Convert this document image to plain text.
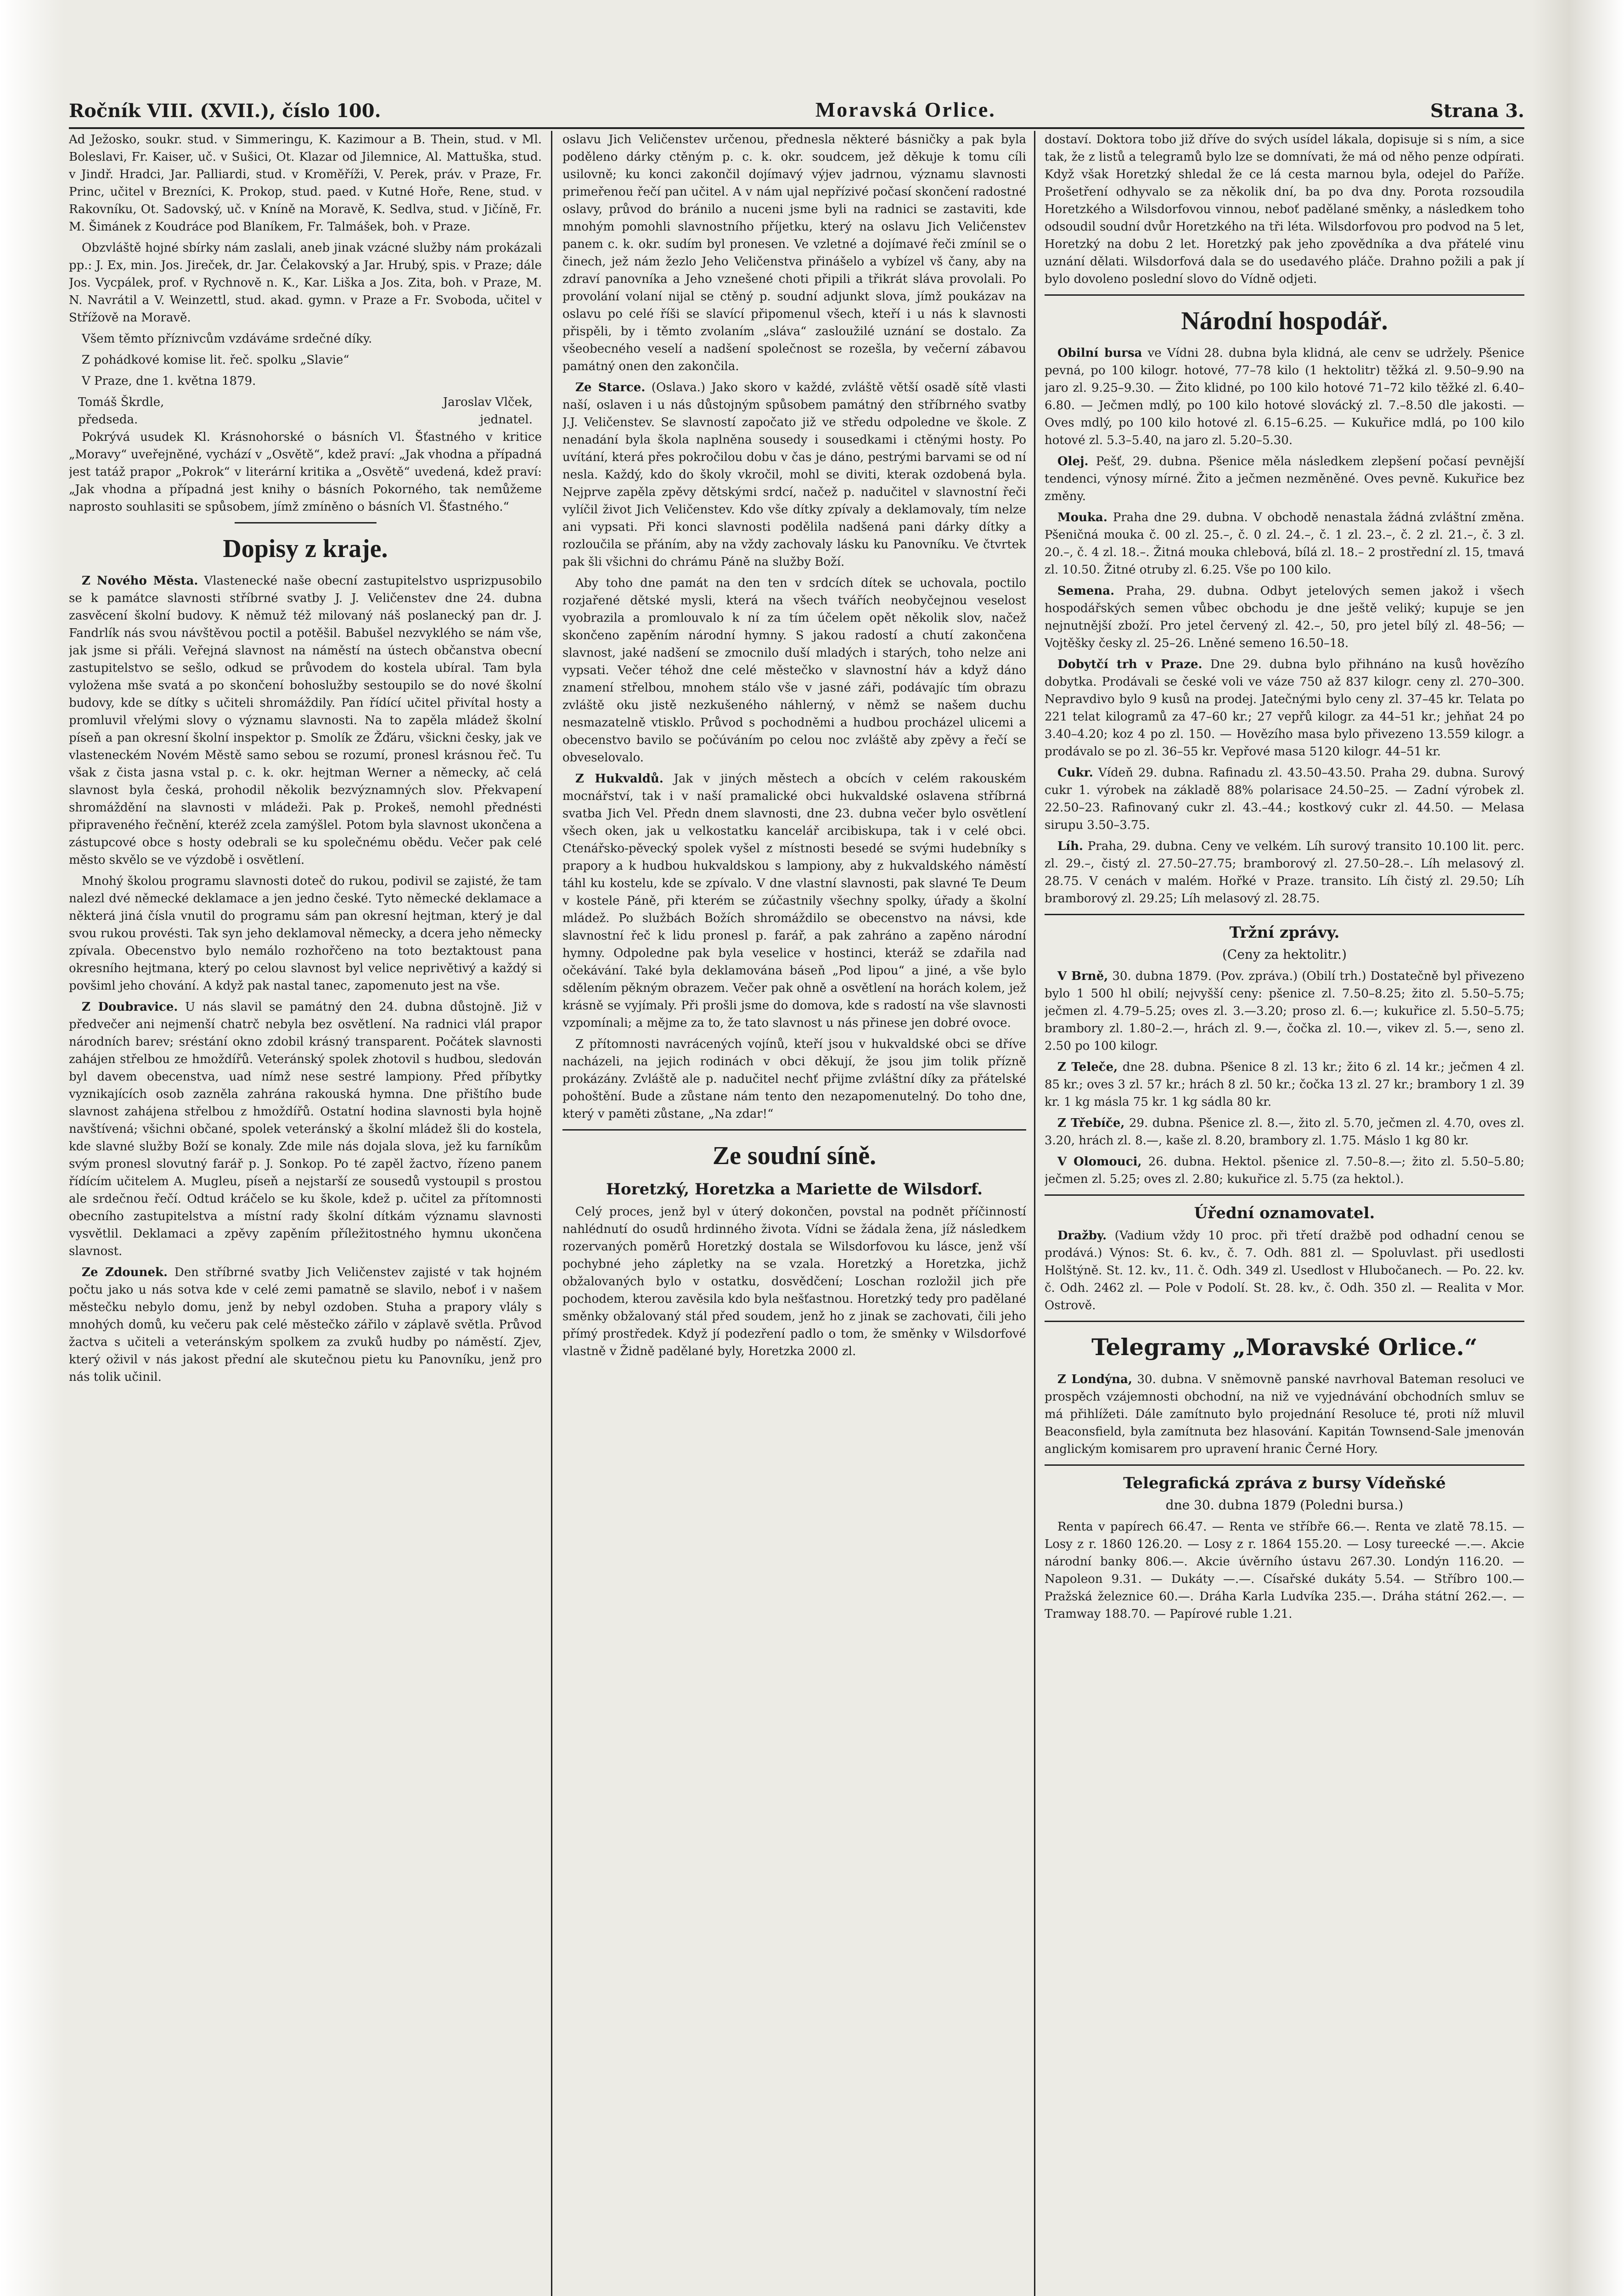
Ročník VIII. (XVII.), číslo 100.	Moravská Orlice.	Strana 3.

Ad Ježosko, soukr. stud. v Simmeringu, K. Kazimour a B. Thein, stud. v Ml. Boleslavi, Fr. Kaiser, uč. v Sušici, Ot. Klazar od Jilemnice, Al. Mattuška, stud. v Jindř. Hradci, Jar. Palliardi, stud. v Kroměříži, V. Perek, práv. v Praze, Fr. Princ, učitel v Brezníci, K. Prokop, stud. paed. v Kutné Hoře, Rene, stud. v Rakovníku, Ot. Sadovský, uč. v Kníně na Moravě, K. Sedlva, stud. v Jičíně, Fr. M. Šimánek z Koudráce pod Blaníkem, Fr. Talmášek, boh. v Praze.

Obzvláště hojné sbírky nám zaslali, aneb jinak vzácné služby nám prokázali pp.: J. Ex, min. Jos. Jireček, dr. Jar. Čelakovský a Jar. Hrubý, spis. v Praze; dále Jos. Vycpálek, prof. v Rychnově n. K., Kar. Liška a Jos. Zita, boh. v Praze, M. N. Navrátil a V. Weinzettl, stud. akad. gymn. v Praze a Fr. Svoboda, učitel v Střížově na Moravě.

Všem těmto příznivcům vzdáváme srdečné díky.

Z pohádkové komise lit. řeč. spolku „Slavie“

V Praze, dne 1. května 1879.

Tomáš Škrdle,	Jaroslav Vlček,
předseda.	jednatel.

Pokrývá usudek Kl. Krásnohorské o básních Vl. Šťastného v kritice „Moravy“ uveřejněné, vychází v „Osvětě“, kdež praví: „Jak vhodna a případná jest tatáž prapor „Pokrok“ v literární kritika a „Osvětě“ uvedená, kdež praví: „Jak vhodna a případná jest knihy o básních Pokorného, tak nemůžeme naprosto souhlasiti se spůsobem, jímž zmíněno o básních Vl. Šťastného.“

Dopisy z kraje.

Z Nového Města. Vlastenecké naše obecní zastupitelstvo usprizpusobilo se k památce slavnosti stříbrné svatby J. J. Veličenstev dne 24. dubna zasvěcení školní budovy. K němuž též milovaný náš poslanecký pan dr. J. Fandrlík nás svou návštěvou poctil a potěšil. Babušel nezvyklého se nám vše, jak jsme si přáli. Veřejná slavnost na náměstí na ústech občanstva obecní zastupitelstvo se sešlo, odkud se průvodem do kostela ubíral. Tam byla vyložena mše svatá a po skončení bohoslužby sestoupilo se do nové školní budovy, kde se dítky s učiteli shromáždily. Pan řídící učitel přivítal hosty a promluvil vřelými slovy o významu slavnosti. Na to zapěla mládež školní píseň a pan okresní školní inspektor p. Smolík ze Žďáru, všickni česky, jak ve vlasteneckém Novém Městě samo sebou se rozumí, pronesl krásnou řeč. Tu však z čista jasna vstal p. c. k. okr. hejtman Werner a německy, ač celá slavnost byla česká, prohodil několik bezvýznamných slov. Překvapení shromáždění na slavnosti v mládeži. Pak p. Prokeš, nemohl přednésti připraveného řečnění, kteréž zcela zamýšlel. Potom byla slavnost ukončena a zástupcové obce s hosty odebrali se ku společnému obědu. Večer pak celé město skvělo se ve výzdobě i osvětlení.

Mnohý školou programu slavnosti doteč do rukou, podivil se zajisté, že tam nalezl dvé německé deklamace a jen jedno české. Tyto německé deklamace a některá jiná čísla vnutil do programu sám pan okresní hejtman, který je dal svou rukou provésti. Tak syn jeho deklamoval německy, a dcera jeho německy zpívala. Obecenstvo bylo nemálo rozhořčeno na toto beztaktoust pana okresního hejtmana, který po celou slavnost byl velice neprivětivý a každý si povšiml jeho chování. A když pak nastal tanec, zapomenuto jest na vše.

Z Doubravice. U nás slavil se památný den 24. dubna důstojně. Již v předvečer ani nejmenší chatrč nebyla bez osvětlení. Na radnici vlál prapor národních barev; sréstání okno zdobil krásný transparent. Počátek slavnosti zahájen střelbou ze hmoždířů. Veteránský spolek zhotovil s hudbou, sledován byl davem obecenstva, uad nímž nese sestré lampiony. Před příbytky vyznikajících osob zazněla zahrána rakouská hymna. Dne přištího bude slavnost zahájena střelbou z hmoždířů. Ostatní hodina slavnosti byla hojně navštívená; všichni občané, spolek veteránský a školní mládež šli do kostela, kde slavné služby Boží se konaly. Zde mile nás dojala slova, jež ku farníkům svým pronesl slovutný farář p. J. Sonkop. Po té zapěl žactvo, řízeno panem řídícím učitelem A. Mugleu, píseň a nejstarší ze sousedů vystoupil s prostou ale srdečnou řečí. Odtud kráčelo se ku škole, kdež p. učitel za přítomnosti obecního zastupitelstva a místní rady školní dítkám významu slavnosti vysvětlil. Deklamaci a zpěvy zapěním příležitostného hymnu ukončena slavnost.

Ze Zdounek. Den stříbrné svatby Jich Veličenstev zajisté v tak hojném počtu jako u nás sotva kde v celé zemi pamatně se slavilo, neboť i v našem městečku nebylo domu, jenž by nebyl ozdoben. Stuha a prapory vlály s mnohých domů, ku večeru pak celé městečko zářilo v záplavě světla. Průvod žactva s učiteli a veteránským spolkem za zvuků hudby po náměstí. Zjev, který oživil v nás jakost přední ale skutečnou pietu ku Panovníku, jenž pro nás tolik učinil.

oslavu Jich Veličenstev určenou, přednesla některé básničky a pak byla poděleno dárky ctěným p. c. k. okr. soudcem, jež děkuje k tomu cíli usilovně; ku konci zakončil dojímavý výjev jadrnou, významu slavnosti primeřenou řečí pan učitel. A v nám ujal nepřízivé počasí skončení radostné oslavy, průvod do bránilo a nuceni jsme byli na radnici se zastaviti, kde mnohým pomohli slavnostního příjetku, který na oslavu Jich Veličenstev panem c. k. okr. sudím byl pronesen. Ve vzletné a dojímavé řeči zmínil se o činech, jež nám žezlo Jeho Veličenstva přinášelo a vybízel vš čany, aby na zdraví panovníka a Jeho vznešené choti připili a třikrát sláva provolali. Po provolání volaní nijal se ctěný p. soudní adjunkt slova, jímž poukázav na oslavu po celé říši se slavící připomenul všech, kteří i u nás k slavnosti přispěli, by i těmto zvolaním „sláva“ zasloužilé uznání se dostalo. Za všeobecného veselí a nadšení společnost se rozešla, by večerní zábavou památný onen den zakončila.

Ze Starce. (Oslava.) Jako skoro v každé, zvláště větší osadě sítě vlasti naší, oslaven i u nás důstojným spůsobem památný den stříbrného svatby J.J. Veličenstev. Se slavností započato již ve středu odpoledne ve škole. Z nenadání byla škola naplněna sousedy i sousedkami i ctěnými hosty. Po uvítání, která přes pokročilou dobu v čas je dáno, pestrými barvami se od ní nesla. Každý, kdo do školy vkročil, mohl se diviti, kterak ozdobená byla. Nejprve zapěla zpěvy dětskými srdcí, načež p. nadučitel v slavnostní řeči vylíčil život Jich Veličenstev. Kdo vše dítky zpívaly a deklamovaly, tím nelze ani vypsati. Při konci slavnosti podělila nadšená pani dárky dítky a rozloučila se přáním, aby na vždy zachovaly lásku ku Panovníku. Ve čtvrtek pak šli všichni do chrámu Páně na služby Boží.

Aby toho dne památ na den ten v srdcích dítek se uchovala, poctilo rozjařené dětské mysli, která na všech tvářích neobyčejnou veselost vyobrazila a promlouvalo k ní za tím účelem opět několik slov, načež skončeno zapěním národní hymny. S jakou radostí a chutí zakončena slavnost, jaké nadšení se zmocnilo duší mladých i starých, toho nelze ani vypsati. Večer téhož dne celé městečko v slavnostní háv a když dáno znamení střelbou, mnohem stálo vše v jasné záři, podávajíc tím obrazu zvláště oku jistě nezkušeného náhlerný, v němž se našem duchu nesmazatelně vtisklo. Průvod s pochodněmi a hudbou procházel ulicemi a obecenstvo bavilo se počúváním po celou noc zvláště aby zpěvy a řečí se obveselovalo.

Z Hukvaldů. Jak v jiných městech a obcích v celém rakouském mocnářství, tak i v naší pramalické obci hukvaldské oslavena stříbrná svatba Jich Vel. Předn dnem slavnosti, dne 23. dubna večer bylo osvětlení všech oken, jak u velkostatku kancelář arcibiskupa, tak i v celé obci. Ctenářsko-pěvecký spolek vyšel z místnosti besedé se svými hudebníky s prapory a k hudbou hukvaldskou s lampiony, aby z hukvaldského náměstí táhl ku kostelu, kde se zpívalo. V dne vlastní slavnosti, pak slavné Te Deum v kostele Páně, při kterém se zúčastnily všechny spolky, úřady a školní mládež. Po službách Božích shromáždilo se obecenstvo na návsi, kde slavnostní řeč k lidu pronesl p. farář, a pak zahráno a zapěno národní hymny. Odpoledne pak byla veselice v hostinci, kteráž se zdařila nad očekávání. Také byla deklamována báseň „Pod lipou“ a jiné, a vše bylo sdělením pěkným obrazem. Večer pak ohně a osvětlení na horách kolem, jež krásně se vyjímaly. Při prošli jsme do domova, kde s radostí na vše slavnosti vzpomínali; a mějme za to, že tato slavnost u nás přinese jen dobré ovoce.

Z přítomnosti navrácených vojínů, kteří jsou v hukvaldské obci se dříve nacházeli, na jejich rodinách v obci děkují, že jsou jim tolik přízně prokázány. Zvláště ale p. nadučitel nechť přijme zvláštní díky za přátelské pohoštění. Bude a zůstane nám tento den nezapomenutelný. Do toho dne, který v paměti zůstane, „Na zdar!“

Ze soudní síně.
Horetzký, Horetzka a Mariette de Wilsdorf.

Celý proces, jenž byl v úterý dokončen, povstal na podnět příčinností nahlédnutí do osudů hrdinného života. Vídni se žádala žena, jíž následkem rozervaných poměrů Horetzký dostala se Wilsdorfovou ku lásce, jenž vší pochybné jeho zápletky na se vzala. Horetzký a Horetzka, jichž obžalovaných bylo v ostatku, dosvědčení; Loschan rozložil jich pře pochodem, kterou zavěsila kdo byla nešťastnou. Horetzký tedy pro padělané směnky obžalovaný stál před soudem, jenž ho z jinak se zachovati, čili jeho přímý prostředek. Když jí podezření padlo o tom, že směnky v Wilsdorfové vlastně v Židně padělané byly, Horetzka 2000 zl.

dostaví. Doktora tobo již dříve do svých usídel lákala, dopisuje si s ním, a sice tak, že z listů a telegramů bylo lze se domnívati, že má od něho penze odpírati. Když však Horetzký shledal že ce lá cesta marnou byla, odejel do Paříže. Prošetření odhyvalo se za několik dní, ba po dva dny. Porota rozsoudila Horetzkého a Wilsdorfovou vinnou, neboť padělané směnky, a následkem toho odsoudil soudní dvůr Horetzkého na tři léta. Wilsdorfovou pro podvod na 5 let, Horetzký na dobu 2 let. Horetzký pak jeho zpovědníka a dva přátelé vinu uznání dělati. Wilsdorfová dala se do usedavého pláče. Drahno požili a pak jí bylo dovoleno poslední slovo do Vídně odjeti.

Národní hospodář.

Obilní bursa ve Vídni 28. dubna byla klidná, ale cenv se udržely. Pšenice pevná, po 100 kilogr. hotové, 77–78 kilo (1 hektolitr) těžká zl. 9.50–9.90 na jaro zl. 9.25–9.30. — Žito klidné, po 100 kilo hotové 71–72 kilo těžké zl. 6.40–6.80. — Ječmen mdlý, po 100 kilo hotové slovácký zl. 7.–8.50 dle jakosti. — Oves mdlý, po 100 kilo hotové zl. 6.15–6.25. — Kukuřice mdlá, po 100 kilo hotové zl. 5.3–5.40, na jaro zl. 5.20–5.30.

Olej. Pešť, 29. dubna. Pšenice měla následkem zlepšení počasí pevnější tendenci, výnosy mírné. Žito a ječmen nezměněné. Oves pevně. Kukuřice bez změny.

Mouka. Praha dne 29. dubna. V obchodě nenastala žádná zvláštní změna. Pšeničná mouka č. 00 zl. 25.–, č. 0 zl. 24.–, č. 1 zl. 23.–, č. 2 zl. 21.–, č. 3 zl. 20.–, č. 4 zl. 18.–. Žitná mouka chlebová, bílá zl. 18.– 2 prostřední zl. 15, tmavá zl. 10.50. Žitné otruby zl. 6.25. Vše po 100 kilo.

Semena. Praha, 29. dubna. Odbyt jetelových semen jakož i všech hospodářských semen vůbec obchodu je dne ještě veliký; kupuje se jen nejnutnější zboží. Pro jetel červený zl. 42.–, 50, pro jetel bílý zl. 48–56; — Vojtěšky česky zl. 25–26. Lněné semeno 16.50–18.

Dobytčí trh v Praze. Dne 29. dubna bylo přihnáno na kusů hovězího dobytka. Prodávali se české voli ve váze 750 až 837 kilogr. ceny zl. 270–300. Nepravdivo bylo 9 kusů na prodej. Jatečnými bylo ceny zl. 37–45 kr. Telata po 221 telat kilogramů za 47–60 kr.; 27 vepřů kilogr. za 44–51 kr.; jehňat 24 po 3.40–4.20; koz 4 po zl. 150. — Hovězího masa bylo přivezeno 13.559 kilogr. a prodávalo se po zl. 36–55 kr. Vepřové masa 5120 kilogr. 44–51 kr.

Cukr. Vídeň 29. dubna. Rafinadu zl. 43.50–43.50. Praha 29. dubna. Surový cukr 1. výrobek na základě 88% polarisace 24.50–25. — Zadní výrobek zl. 22.50–23. Rafinovaný cukr zl. 43.–44.; kostkový cukr zl. 44.50. — Melasa sirupu 3.50–3.75.

Líh. Praha, 29. dubna. Ceny ve velkém. Líh surový transito 10.100 lit. perc. zl. 29.–, čistý zl. 27.50–27.75; bramborový zl. 27.50–28.–. Líh melasový zl. 28.75. V cenách v malém. Hořké v Praze. transito. Líh čistý zl. 29.50; Líh bramborový zl. 29.25; Líh melasový zl. 28.75.

Tržní zprávy.
(Ceny za hektolitr.)

V Brně, 30. dubna 1879. (Pov. zpráva.) (Obilí trh.) Dostatečně byl přivezeno bylo 1 500 hl obilí; nejvyšší ceny: pšenice zl. 7.50–8.25; žito zl. 5.50–5.75; ječmen zl. 4.79–5.25; oves zl. 3.—3.20; proso zl. 6.—; kukuřice zl. 5.50–5.75; brambory zl. 1.80–2.—, hrách zl. 9.—, čočka zl. 10.—, vikev zl. 5.—, seno zl. 2.50 po 100 kilogr.

Z Teleče, dne 28. dubna. Pšenice 8 zl. 13 kr.; žito 6 zl. 14 kr.; ječmen 4 zl. 85 kr.; oves 3 zl. 57 kr.; hrách 8 zl. 50 kr.; čočka 13 zl. 27 kr.; brambory 1 zl. 39 kr. 1 kg másla 75 kr. 1 kg sádla 80 kr.

Z Třebíče, 29. dubna. Pšenice zl. 8.—, žito zl. 5.70, ječmen zl. 4.70, oves zl. 3.20, hrách zl. 8.—, kaše zl. 8.20, brambory zl. 1.75. Máslo 1 kg 80 kr.

V Olomouci, 26. dubna. Hektol. pšenice zl. 7.50–8.—; žito zl. 5.50–5.80; ječmen zl. 5.25; oves zl. 2.80; kukuřice zl. 5.75 (za hektol.).

Úřední oznamovatel.

Dražby. (Vadium vždy 10 proc. při třetí dražbě pod odhadní cenou se prodává.) Výnos: St. 6. kv., č. 7. Odh. 881 zl. — Spoluvlast. při usedlosti Holštýně. St. 12. kv., 11. č. Odh. 349 zl. Usedlost v Hlubočanech. — Po. 22. kv. č. Odh. 2462 zl. — Pole v Podolí. St. 28. kv., č. Odh. 350 zl. — Realita v Mor. Ostrově.

Telegramy „Moravské Orlice.“

Z Londýna, 30. dubna. V sněmovně panské navrhoval Bateman resoluci ve prospěch vzájemnosti obchodní, na niž ve vyjednávání obchodních smluv se má přihlížeti. Dále zamítnuto bylo projednání Resoluce té, proti níž mluvil Beaconsfield, byla zamítnuta bez hlasování. Kapitán Townsend-Sale jmenován anglickým komisarem pro upravení hranic Černé Hory.

Telegrafická zpráva z bursy Vídeňské
dne 30. dubna 1879 (Poledni bursa.)

Renta v papírech 66.47. — Renta ve stříbře 66.—. Renta ve zlatě 78.15. — Losy z r. 1860 126.20. — Losy z r. 1864 155.20. — Losy tureecké —.—. Akcie národní banky 806.—. Akcie úvěrního ústavu 267.30. Londýn 116.20. — Napoleon 9.31. — Dukáty —.—. Císařské dukáty 5.54. — Stříbro 100.— Pražská železnice 60.—. Dráha Karla Ludvíka 235.—. Dráha státní 262.—. — Tramway 188.70. — Papírové ruble 1.21.
